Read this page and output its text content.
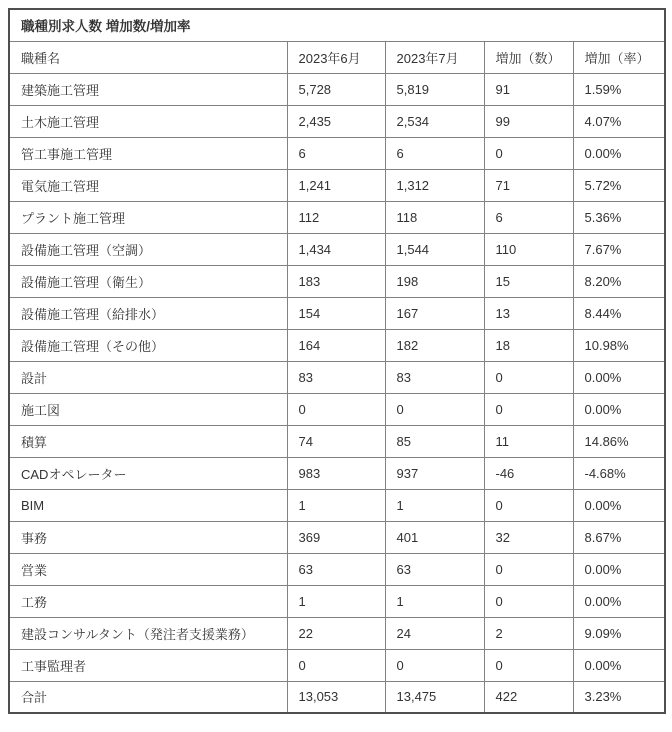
職種別求人数 増加数/増加率				
職種名	2023年6月	2023年7月	増加（数）	増加（率）
建築施工管理	5,728	5,819	91	1.59%
土木施工管理	2,435	2,534	99	4.07%
管工事施工管理	6	6	0	0.00%
電気施工管理	1,241	1,312	71	5.72%
プラント施工管理	112	118	6	5.36%
設備施工管理（空調）	1,434	1,544	110	7.67%
設備施工管理（衛生）	183	198	15	8.20%
設備施工管理（給排水）	154	167	13	8.44%
設備施工管理（その他）	164	182	18	10.98%
設計	83	83	0	0.00%
施工図	0	0	0	0.00%
積算	74	85	11	14.86%
CADオペレーター	983	937	-46	-4.68%
BIM	1	1	0	0.00%
事務	369	401	32	8.67%
営業	63	63	0	0.00%
工務	1	1	0	0.00%
建設コンサルタント（発注者支援業務）	22	24	2	9.09%
工事監理者	0	0	0	0.00%
合計	13,053	13,475	422	3.23%
